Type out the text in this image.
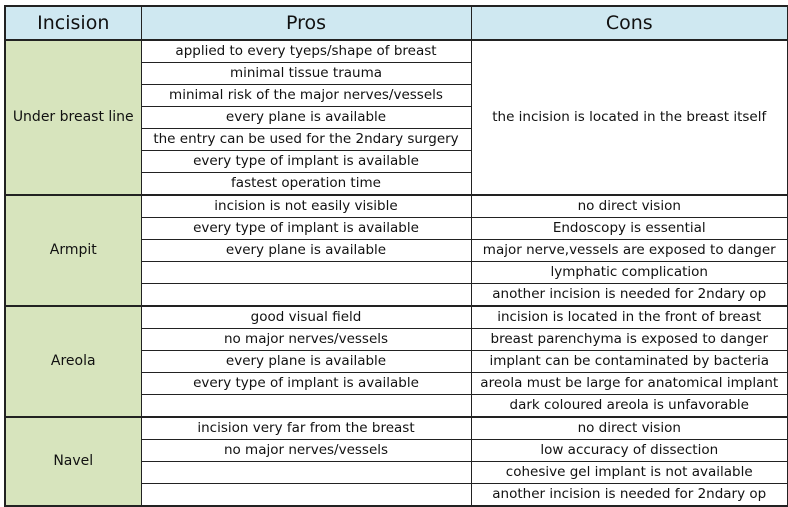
Incision	Pros	Cons
Under breast line	applied to every tyeps/shape of breast	the incision is located in the breast itself
	minimal tissue trauma	
	minimal risk of the major nerves/vessels	
	every plane is available	
	the entry can be used for the 2ndary surgery	
	every type of implant is available	
	fastest operation time	
Armpit	incision is not easily visible	no direct vision
	every type of implant is available	Endoscopy is essential
	every plane is available	major nerve,vessels are exposed to danger
		lymphatic complication
		another incision is needed for 2ndary op
Areola	good visual field	incision is located in the front of breast
	no major nerves/vessels	breast parenchyma is exposed to danger
	every plane is available	implant can be contaminated by bacteria
	every type of implant is available	areola must be large for anatomical implant
		dark coloured areola is unfavorable
Navel	incision very far from the breast	no direct vision
	no major nerves/vessels	low accuracy of dissection
		cohesive gel implant is not available
		another incision is needed for 2ndary op
